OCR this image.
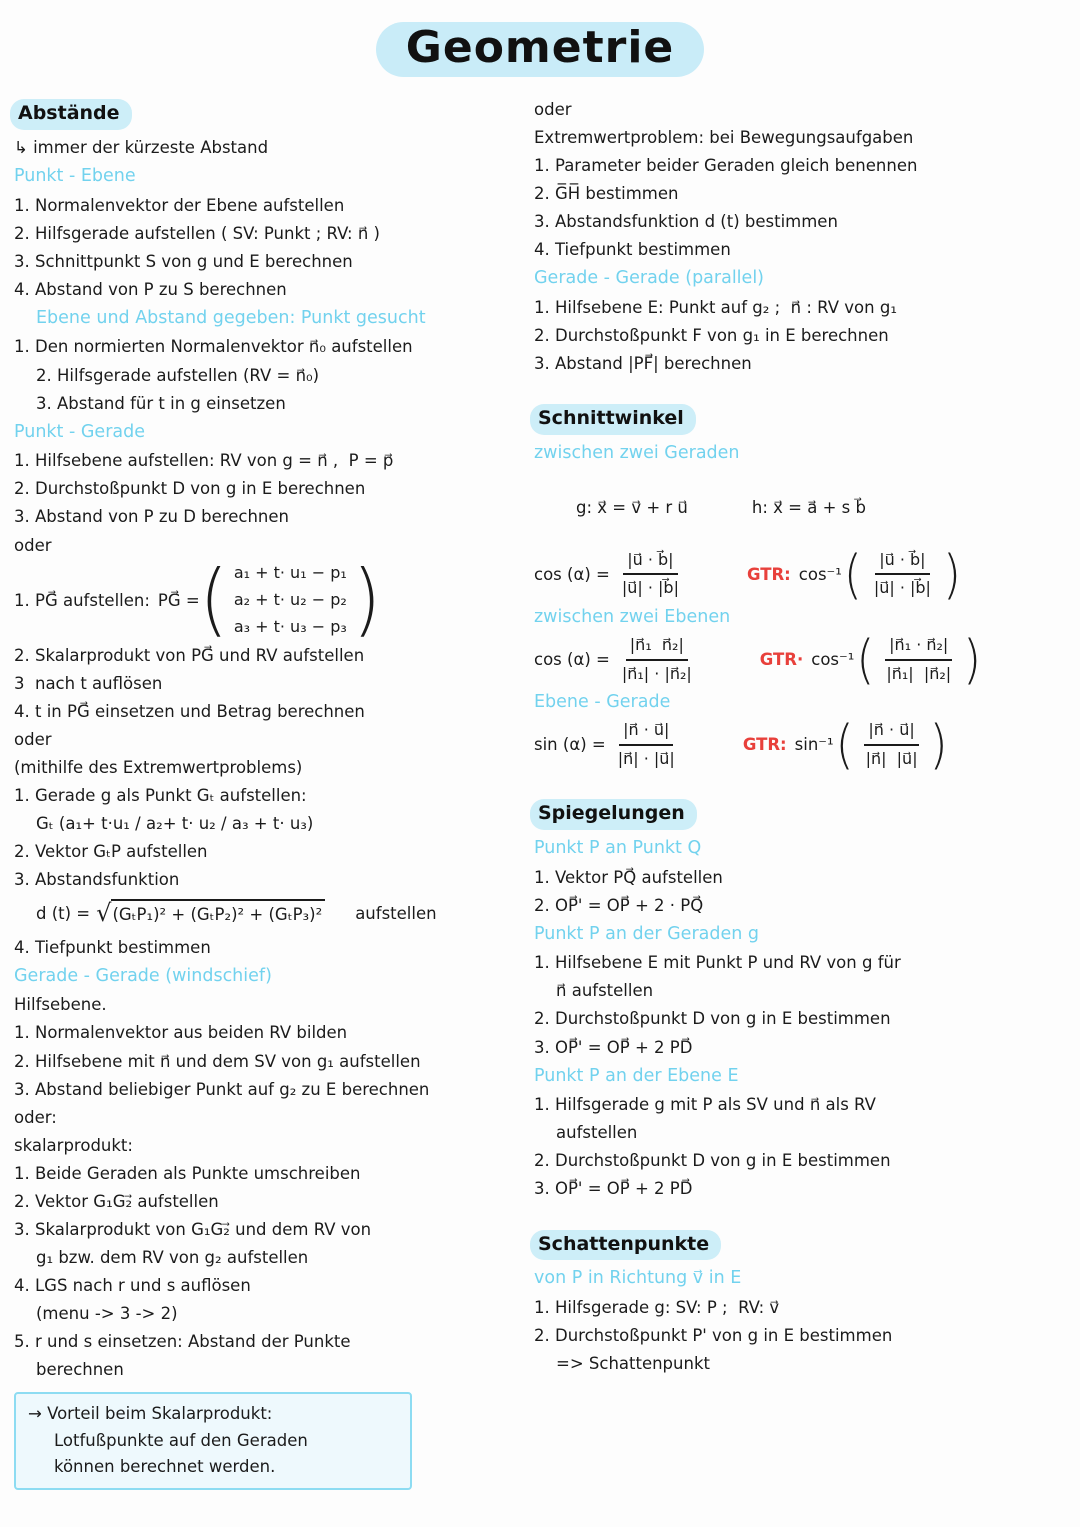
Geometrie
Abstände
↳ immer der kürzeste Abstand
Punkt - Ebene
1. Normalenvektor der Ebene aufstellen
2. Hilfsgerade aufstellen ( SV: Punkt ; RV: n⃗ )
3. Schnittpunkt S von g und E berechnen
4. Abstand von P zu S berechnen
Ebene und Abstand gegeben: Punkt gesucht
1. Den normierten Normalenvektor n⃗₀ aufstellen
2. Hilfsgerade aufstellen (RV = n⃗₀)
3. Abstand für t in g einsetzen
Punkt - Gerade
1. Hilfsebene aufstellen: RV von g = n⃗ ,  P = p⃗
2. Durchstoßpunkt D von g in E berechnen
3. Abstand von P zu D berechnen
oder
1. PG⃗ aufstellen: PG⃗ = ( a₁ + t· u₁ − p₁
a₂ + t· u₂ − p₂
a₃ + t· u₃ − p₃ )
2. Skalarprodukt von PG⃗ und RV aufstellen
3  nach t auflösen
4. t in PG⃗ einsetzen und Betrag berechnen
oder
(mithilfe des Extremwertproblems)
1. Gerade g als Punkt Gₜ aufstellen:
Gₜ (a₁+ t·u₁ / a₂+ t· u₂ / a₃ + t· u₃)
2. Vektor GₜP aufstellen
3. Abstandsfunktion
d (t) = √ (GₜP₁)² + (GₜP₂)² + (GₜP₃)² aufstellen
4. Tiefpunkt bestimmen
Gerade - Gerade (windschief)
Hilfsebene.
1. Normalenvektor aus beiden RV bilden
2. Hilfsebene mit n⃗ und dem SV von g₁ aufstellen
3. Abstand beliebiger Punkt auf g₂ zu E berechnen
oder:
skalarprodukt:
1. Beide Geraden als Punkte umschreiben
2. Vektor G₁G₂⃗ aufstellen
3. Skalarprodukt von G₁G₂⃗ und dem RV von
g₁ bzw. dem RV von g₂ aufstellen
4. LGS nach r und s auflösen
(menu -> 3 -> 2)
5. r und s einsetzen: Abstand der Punkte
berechnen
→ Vorteil beim Skalarprodukt:
Lotfußpunkte auf den Geraden
können berechnet werden.
oder
Extremwertproblem: bei Bewegungsaufgaben
1. Parameter beider Geraden gleich benennen
2. G̅H̅ bestimmen
3. Abstandsfunktion d (t) bestimmen
4. Tiefpunkt bestimmen
Gerade - Gerade (parallel)
1. Hilfsebene E: Punkt auf g₂ ;  n⃗ : RV von g₁
2. Durchstoßpunkt F von g₁ in E berechnen
3. Abstand |PF⃗| berechnen
Schnittwinkel
zwischen zwei Geraden

g: x⃗ = v⃗ + r u⃗	h: x⃗ = a⃗ + s b⃗

$\cos (\alpha) = \frac{|u⃗ \cdot b⃗|}{|u⃗| \cdot |b⃗|}$	GTR: cos⁻¹ ( $\frac{|u⃗ \cdot b⃗|}{|u⃗| \cdot |b⃗|}$ )
zwischen zwei Ebenen
$\cos (\alpha) = \frac{\text{|n⃗₁  n⃗₂|}}{\text{|n⃗₁| · |n⃗₂|}}$	GTR· cos⁻¹ ( $\frac{\text{|n⃗₁ · n⃗₂|}}{\text{|n⃗₁|  |n⃗₂|}}$ )
Ebene - Gerade
$\sin (\alpha) = \frac{|n⃗ \cdot u⃗|}{|n⃗| \cdot |u⃗|}$	GTR: sin⁻¹ ( $\frac{|n⃗ \cdot u⃗|}{|n⃗| |u⃗|}$ )
Spiegelungen
Punkt P an Punkt Q
1. Vektor PQ⃗ aufstellen
2. OP⃗' = OP⃗ + 2 · PQ⃗
Punkt P an der Geraden g
1. Hilfsebene E mit Punkt P und RV von g für
n⃗ aufstellen
2. Durchstoßpunkt D von g in E bestimmen
3. OP⃗' = OP⃗ + 2 PD⃗
Punkt P an der Ebene E
1. Hilfsgerade g mit P als SV und n⃗ als RV
aufstellen
2. Durchstoßpunkt D von g in E bestimmen
3. OP⃗' = OP⃗ + 2 PD⃗
Schattenpunkte
von P in Richtung v⃗ in E
1. Hilfsgerade g: SV: P ;  RV: v⃗
2. Durchstoßpunkt P' von g in E bestimmen
=> Schattenpunkt
